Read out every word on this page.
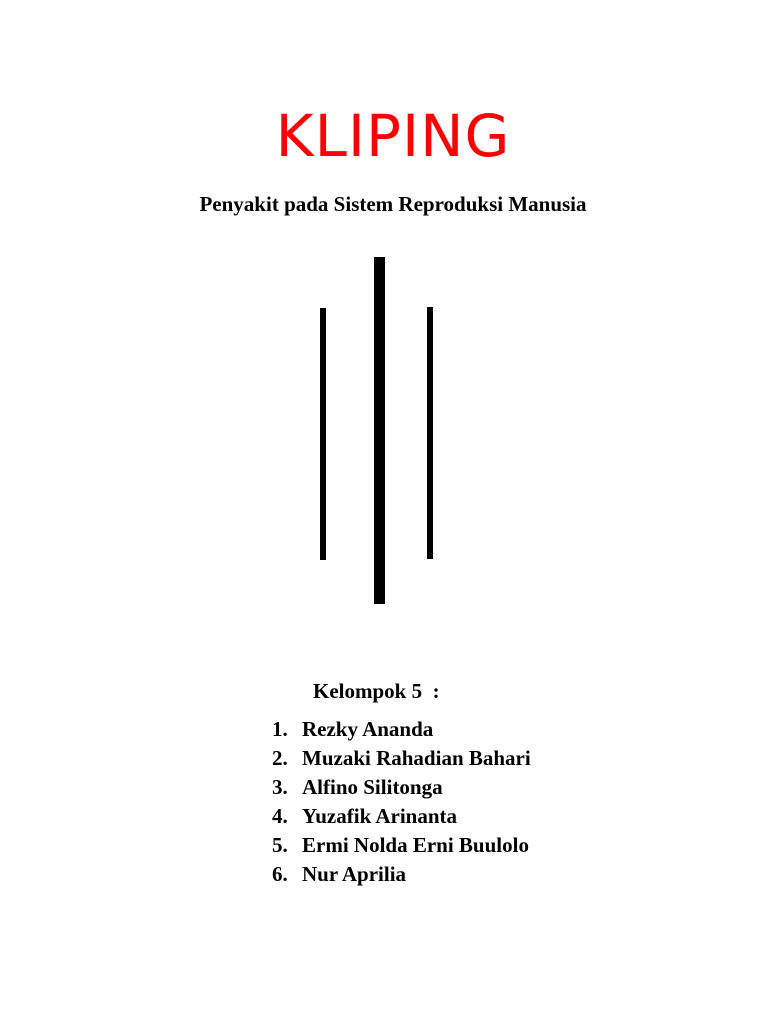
KLIPING
Penyakit pada Sistem Reproduksi Manusia
Kelompok 5  :
1. Rezky Ananda
2. Muzaki Rahadian Bahari
3. Alfino Silitonga
4. Yuzafik Arinanta
5. Ermi Nolda Erni Buulolo
6. Nur Aprilia
